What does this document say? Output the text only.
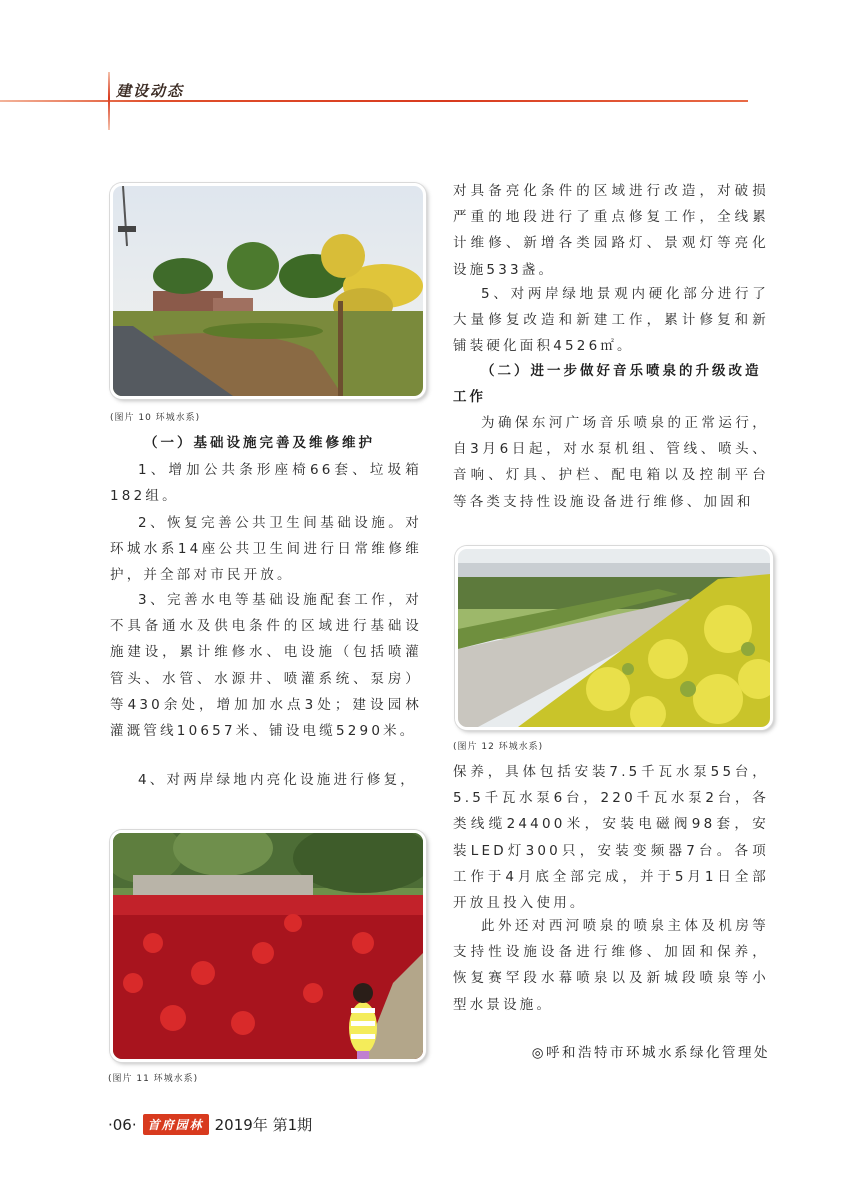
建设动态
(图片 10 环城水系)
（一）基础设施完善及维修维护
1、增加公共条形座椅66套、垃圾箱182组。
2、恢复完善公共卫生间基础设施。对环城水系14座公共卫生间进行日常维修维护，并全部对市民开放。
3、完善水电等基础设施配套工作，对不具备通水及供电条件的区域进行基础设施建设，累计维修水、电设施（包括喷灌管头、水管、水源井、喷灌系统、泵房）等430余处，增加加水点3处；建设园林灌溉管线10657米、铺设电缆5290米。
4、对两岸绿地内亮化设施进行修复，
(图片 11 环城水系)
对具备亮化条件的区域进行改造，对破损严重的地段进行了重点修复工作，全线累计维修、新增各类园路灯、景观灯等亮化设施533盏。
5、对两岸绿地景观内硬化部分进行了大量修复改造和新建工作，累计修复和新铺装硬化面积4526㎡。
（二）进一步做好音乐喷泉的升级改造工作
为确保东河广场音乐喷泉的正常运行，自3月6日起，对水泵机组、管线、喷头、音响、灯具、护栏、配电箱以及控制平台等各类支持性设施设备进行维修、加固和
(图片 12 环城水系)
保养，具体包括安装7.5千瓦水泵55台，5.5千瓦水泵6台，220千瓦水泵2台，各类线缆24400米，安装电磁阀98套，安装LED灯300只，安装变频器7台。各项工作于4月底全部完成，并于5月1日全部开放且投入使用。
此外还对西河喷泉的喷泉主体及机房等支持性设施设备进行维修、加固和保养，恢复赛罕段水幕喷泉以及新城段喷泉等小型水景设施。
◎呼和浩特市环城水系绿化管理处
·06· 首府园林 2019年 第1期
